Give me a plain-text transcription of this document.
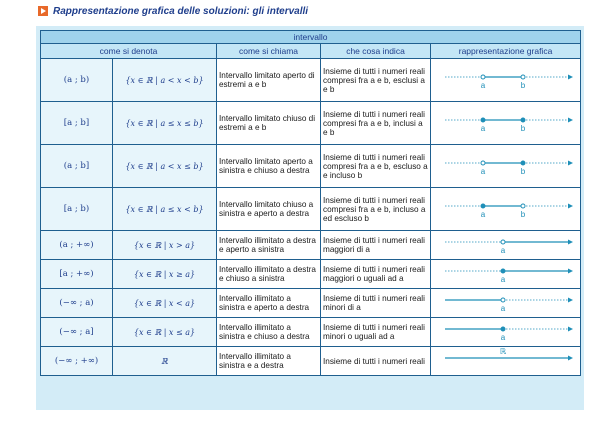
Rappresentazione grafica delle soluzioni: gli intervalli
intervallo				
come si denota		come si chiama	che cosa indica	rappresentazione grafica
(a ; b)	{x ∈ ℝ | a < x < b}	Intervallo limitato aperto di estremi a e b	Insieme di tutti i numeri reali compresi fra a e b, esclusi a e b	a b

[a ; b]	{x ∈ ℝ | a ≤ x ≤ b}	Intervallo limitato chiuso di estremi a e b	Insieme di tutti i numeri reali compresi fra a e b, inclusi a e b	a b

(a ; b]	{x ∈ ℝ | a < x ≤ b}	Intervallo limitato aperto a sinistra e chiuso a destra	Insieme di tutti i numeri reali compresi fra a e b, escluso a e incluso b	a b

[a ; b)	{x ∈ ℝ | a ≤ x < b}	Intervallo limitato chiuso a sinistra e aperto a destra	Insieme di tutti i numeri reali compresi fra a e b, incluso a ed escluso b	a b

(a ; +∞)	{x ∈ ℝ | x > a}	Intervallo illimitato a destra e aperto a sinistra	Insieme di tutti i numeri reali maggiori di a	a

[a ; +∞)	{x ∈ ℝ | x ≥ a}	Intervallo illimitato a destra e chiuso a sinistra	Insieme di tutti i numeri reali maggiori o uguali ad a	a

(−∞ ; a)	{x ∈ ℝ | x < a}	Intervallo illimitato a sinistra e aperto a destra	Insieme di tutti i numeri reali minori di a	a

(−∞ ; a]	{x ∈ ℝ | x ≤ a}	Intervallo illimitato a sinistra e chiuso a destra	Insieme di tutti i numeri reali minori o uguali ad a	a

(−∞ ; +∞)	ℝ	Intervallo illimitato a sinistra e a destra	Insieme di tutti i numeri reali	ℝ
